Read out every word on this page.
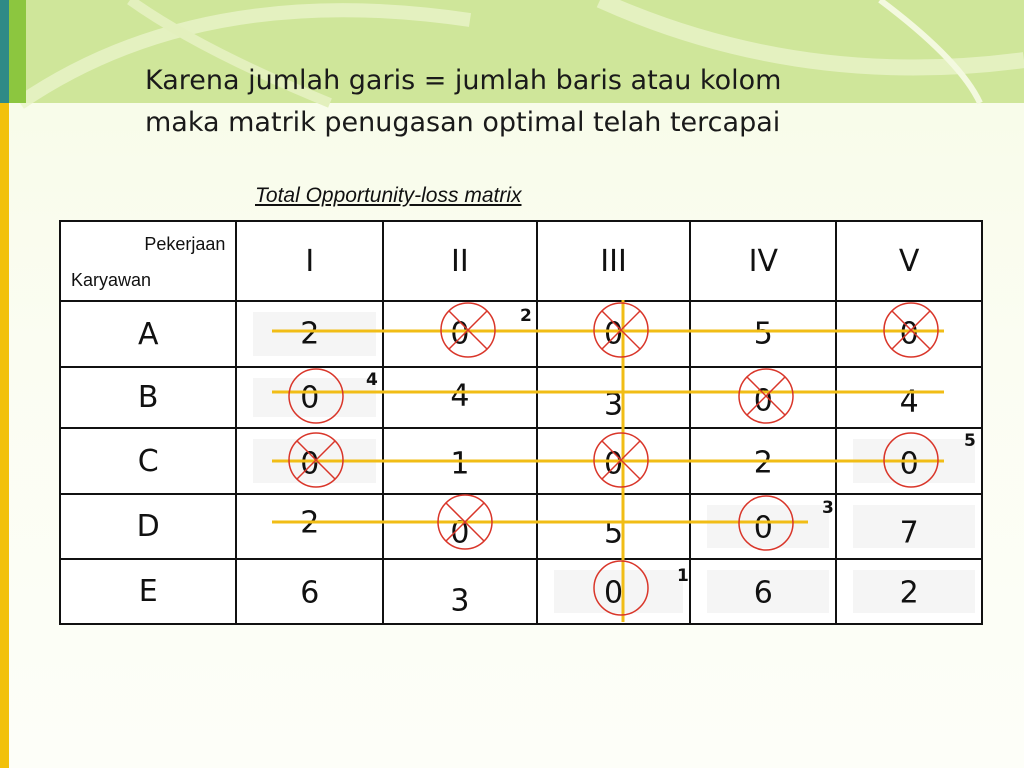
Karena jumlah garis = jumlah baris atau kolom
maka matrik penugasan optimal telah tercapai
Total Opportunity-loss matrix
Pekerjaan
Karyawan	I	II	III	IV	V
A	2	0	0	5	0

B	0	4	3	0	4

C	0	1	0	2	0

D	2	0	5	0	7

E	6	3	0	6	2
2
4
5
3
1
